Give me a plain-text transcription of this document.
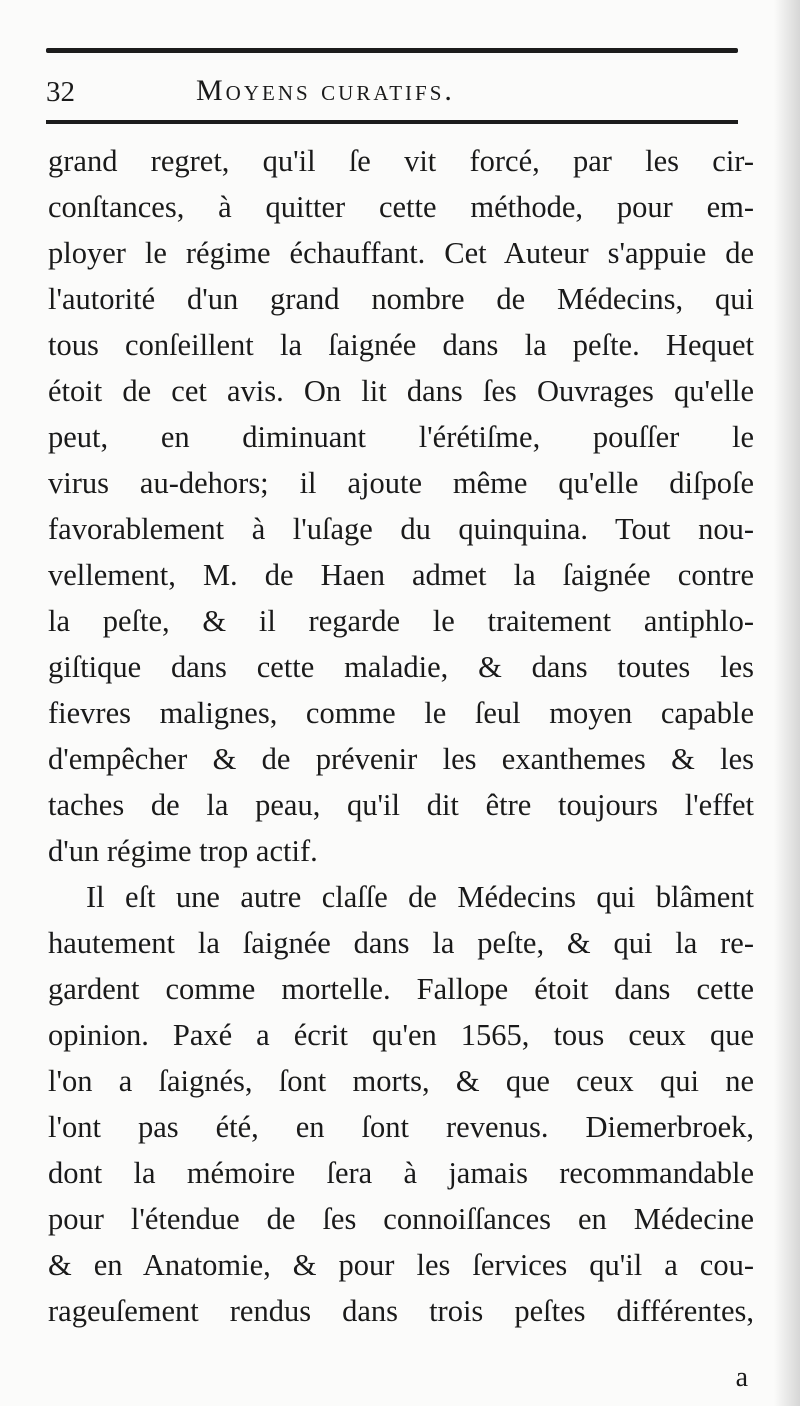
32	Moyens curatifs.
grand regret, qu'il ſe vit forcé, par les cir-
conſtances, à quitter cette méthode, pour em-
ployer le régime échauffant. Cet Auteur s'appuie de
l'autorité d'un grand nombre de Médecins, qui
tous conſeillent la ſaignée dans la peſte. Hequet
étoit de cet avis. On lit dans ſes Ouvrages qu'elle
peut, en diminuant l'érétiſme, pouſſer le
virus au-dehors; il ajoute même qu'elle diſpoſe
favorablement à l'uſage du quinquina. Tout nou-
vellement, M. de Haen admet la ſaignée contre
la peſte, & il regarde le traitement antiphlo-
giſtique dans cette maladie, & dans toutes les
fievres malignes, comme le ſeul moyen capable
d'empêcher & de prévenir les exanthemes & les
taches de la peau, qu'il dit être toujours l'effet
d'un régime trop actif.
Il eſt une autre claſſe de Médecins qui blâment
hautement la ſaignée dans la peſte, & qui la re-
gardent comme mortelle. Fallope étoit dans cette
opinion. Paxé a écrit qu'en 1565, tous ceux que
l'on a ſaignés, ſont morts, & que ceux qui ne
l'ont pas été, en ſont revenus. Diemerbroek,
dont la mémoire ſera à jamais recommandable
pour l'étendue de ſes connoiſſances en Médecine
& en Anatomie, & pour les ſervices qu'il a cou-
rageuſement rendus dans trois peſtes différentes,
a
